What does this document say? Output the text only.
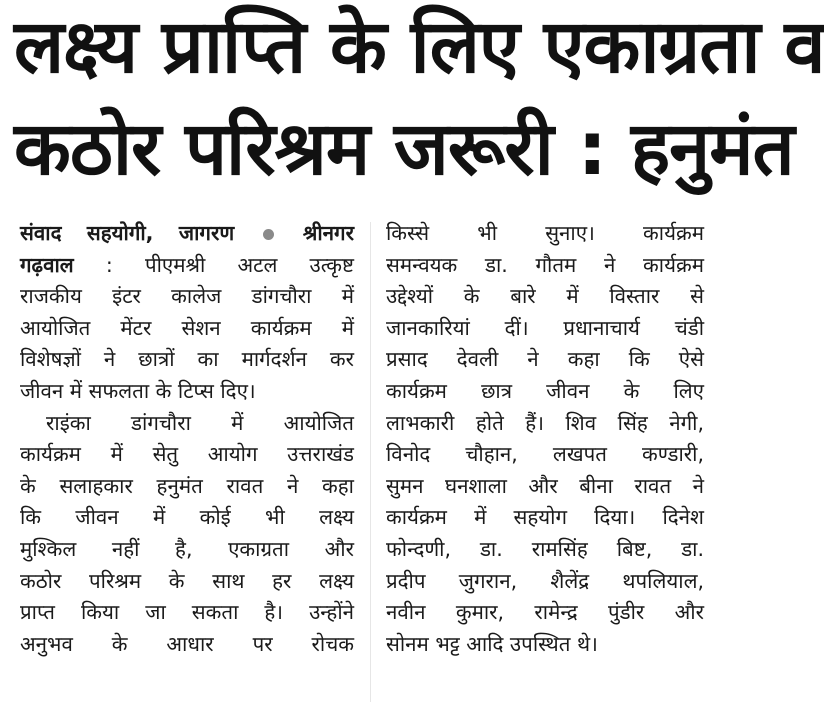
लक्ष्य प्राप्ति के लिए एकाग्रता व
कठोर परिश्रम जरूरी : हनुमंत
संवाद सहयोगी, जागरण	श्रीनगर
गढ़वाल : पीएमश्री अटल उत्कृष्ट
राजकीय इंटर कालेज डांगचौरा में
आयोजित मेंटर सेशन कार्यक्रम में
विशेषज्ञों ने छात्रों का मार्गदर्शन कर
जीवन में सफलता के टिप्स दिए।
राइंका डांगचौरा में आयोजित
कार्यक्रम में सेतु आयोग उत्तराखंड
के सलाहकार हनुमंत रावत ने कहा
कि जीवन में कोई भी लक्ष्य
मुश्किल नहीं है, एकाग्रता और
कठोर परिश्रम के साथ हर लक्ष्य
प्राप्त किया जा सकता है। उन्होंने
अनुभव के आधार पर रोचक
किस्से भी सुनाए। कार्यक्रम
समन्वयक डा. गौतम ने कार्यक्रम
उद्देश्यों के बारे में विस्तार से
जानकारियां दीं। प्रधानाचार्य चंडी
प्रसाद देवली ने कहा कि ऐसे
कार्यक्रम छात्र जीवन के लिए
लाभकारी होते हैं। शिव सिंह नेगी,
विनोद चौहान, लखपत कण्डारी,
सुमन घनशाला और बीना रावत ने
कार्यक्रम में सहयोग दिया। दिनेश
फोन्दणी, डा. रामसिंह बिष्ट, डा.
प्रदीप जुगरान, शैलेंद्र थपलियाल,
नवीन कुमार, रामेन्द्र पुंडीर और
सोनम भट्ट आदि उपस्थित थे।
